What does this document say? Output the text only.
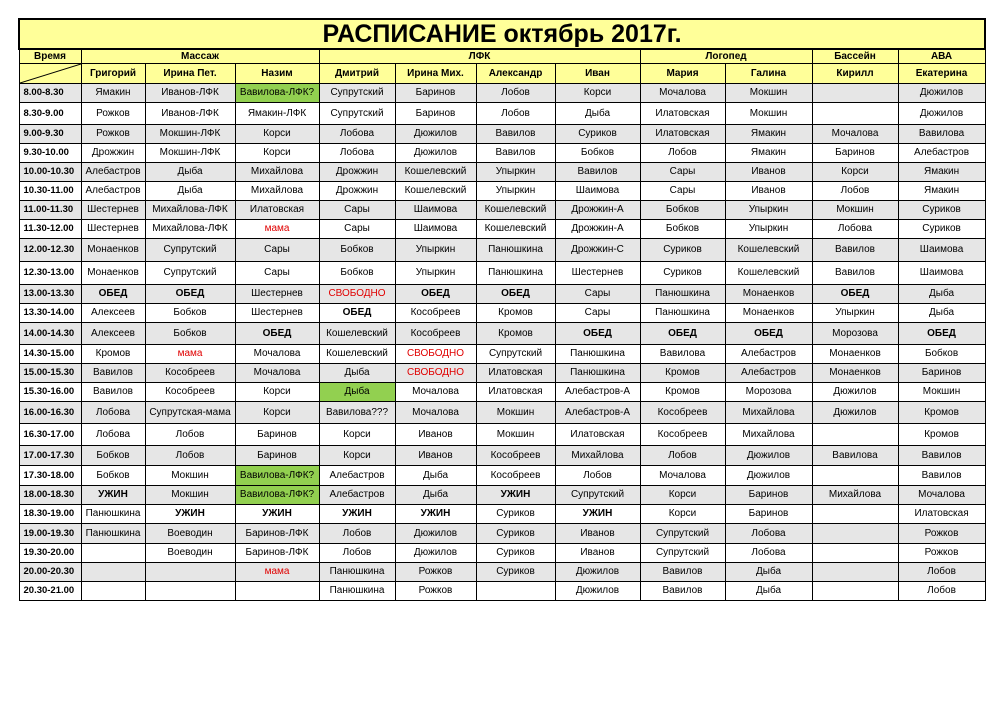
РАСПИСАНИЕ октябрь 2017г.											
Время	Массаж			ЛФК				Логопед		Бассейн	АВА

	Григорий	Ирина Пет.	Назим	Дмитрий	Ирина Мих.	Александр	Иван	Мария	Галина	Кирилл	Екатерина
8.00-8.30	Ямакин	Иванов-ЛФК	Вавилова-ЛФК?	Супрутский	Баринов	Лобов	Корси	Мочалова	Мокшин		Дюжилов
8.30-9.00	Рожков	Иванов-ЛФК	Ямакин-ЛФК	Супрутский	Баринов	Лобов	Дыба	Илатовская	Мокшин		Дюжилов
9.00-9.30	Рожков	Мокшин-ЛФК	Корси	Лобова	Дюжилов	Вавилов	Суриков	Илатовская	Ямакин	Мочалова	Вавилова
9.30-10.00	Дрожжин	Мокшин-ЛФК	Корси	Лобова	Дюжилов	Вавилов	Бобков	Лобов	Ямакин	Баринов	Алебастров
10.00-10.30	Алебастров	Дыба	Михайлова	Дрожжин	Кошелевский	Упыркин	Вавилов	Сары	Иванов	Корси	Ямакин
10.30-11.00	Алебастров	Дыба	Михайлова	Дрожжин	Кошелевский	Упыркин	Шаимова	Сары	Иванов	Лобов	Ямакин
11.00-11.30	Шестернев	Михайлова-ЛФК	Илатовская	Сары	Шаимова	Кошелевский	Дрожжин-А	Бобков	Упыркин	Мокшин	Суриков
11.30-12.00	Шестернев	Михайлова-ЛФК	мама	Сары	Шаимова	Кошелевский	Дрожжин-А	Бобков	Упыркин	Лобова	Суриков
12.00-12.30	Монаенков	Супрутский	Сары	Бобков	Упыркин	Панюшкина	Дрожжин-С	Суриков	Кошелевский	Вавилов	Шаимова
12.30-13.00	Монаенков	Супрутский	Сары	Бобков	Упыркин	Панюшкина	Шестернев	Суриков	Кошелевский	Вавилов	Шаимова
13.00-13.30	ОБЕД	ОБЕД	Шестернев	СВОБОДНО	ОБЕД	ОБЕД	Сары	Панюшкина	Монаенков	ОБЕД	Дыба
13.30-14.00	Алексеев	Бобков	Шестернев	ОБЕД	Кособреев	Кромов	Сары	Панюшкина	Монаенков	Упыркин	Дыба
14.00-14.30	Алексеев	Бобков	ОБЕД	Кошелевский	Кособреев	Кромов	ОБЕД	ОБЕД	ОБЕД	Морозова	ОБЕД
14.30-15.00	Кромов	мама	Мочалова	Кошелевский	СВОБОДНО	Супрутский	Панюшкина	Вавилова	Алебастров	Монаенков	Бобков
15.00-15.30	Вавилов	Кособреев	Мочалова	Дыба	СВОБОДНО	Илатовская	Панюшкина	Кромов	Алебастров	Монаенков	Баринов
15.30-16.00	Вавилов	Кособреев	Корси	Дыба	Мочалова	Илатовская	Алебастров-А	Кромов	Морозова	Дюжилов	Мокшин
16.00-16.30	Лобова	Супрутская-мама	Корси	Вавилова???	Мочалова	Мокшин	Алебастров-А	Кособреев	Михайлова	Дюжилов	Кромов
16.30-17.00	Лобова	Лобов	Баринов	Корси	Иванов	Мокшин	Илатовская	Кособреев	Михайлова		Кромов
17.00-17.30	Бобков	Лобов	Баринов	Корси	Иванов	Кособреев	Михайлова	Лобов	Дюжилов	Вавилова	Вавилов
17.30-18.00	Бобков	Мокшин	Вавилова-ЛФК?	Алебастров	Дыба	Кособреев	Лобов	Мочалова	Дюжилов		Вавилов
18.00-18.30	УЖИН	Мокшин	Вавилова-ЛФК?	Алебастров	Дыба	УЖИН	Супрутский	Корси	Баринов	Михайлова	Мочалова
18.30-19.00	Панюшкина	УЖИН	УЖИН	УЖИН	УЖИН	Суриков	УЖИН	Корси	Баринов		Илатовская
19.00-19.30	Панюшкина	Воеводин	Баринов-ЛФК	Лобов	Дюжилов	Суриков	Иванов	Супрутский	Лобова		Рожков
19.30-20.00		Воеводин	Баринов-ЛФК	Лобов	Дюжилов	Суриков	Иванов	Супрутский	Лобова		Рожков
20.00-20.30			мама	Панюшкина	Рожков	Суриков	Дюжилов	Вавилов	Дыба		Лобов
20.30-21.00				Панюшкина	Рожков		Дюжилов	Вавилов	Дыба		Лобов
